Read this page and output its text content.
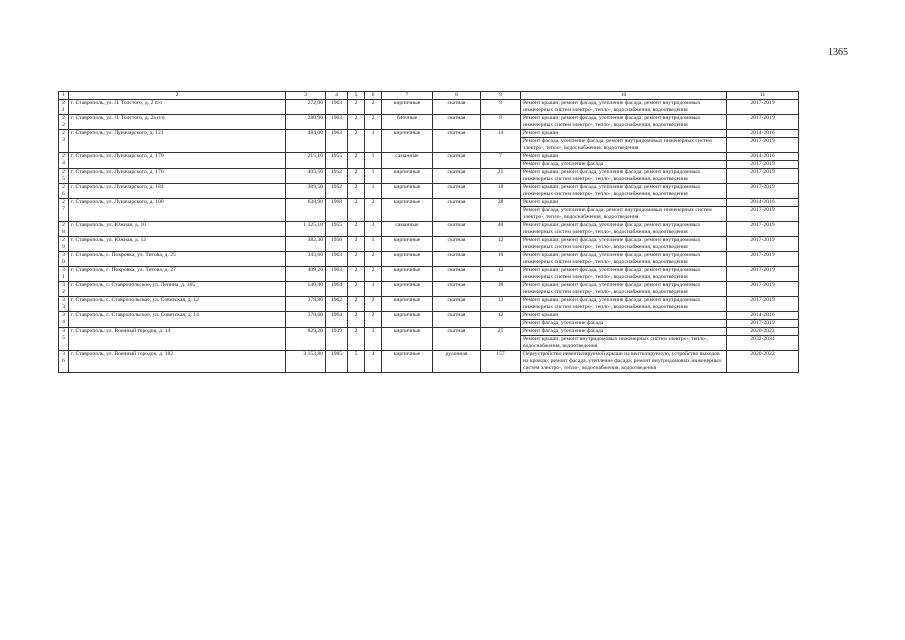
1365
1	2	3	4	5	6	7	8	9	10	11
21	г. Ставрополь, ул. Л. Толстого, д. 2 п/о	272,00	1963	2	2	кирпичные	скатная	9	Ремонт крыши; ремонт фасада, утепление фасада; ремонт внутридомовых инженерных систем электро-, тепло-, водоснабжения, водоотведения	2017-2019
22	г. Ставрополь, ул. Л. Толстого, д. 2а п/о	280,90	1963	2	2	блочные	скатная	8	Ремонт крыши; ремонт фасада, утепление фасада; ремонт внутридомовых инженерных систем электро-, тепло-, водоснабжения, водоотведения	2017-2019
23	г. Ставрополь, ул. Луначарского, д. 121	484,00	1963	2	3	кирпичные	скатная	14	Ремонт крыши	2014-2016
									Ремонт фасада, утепление фасада; ремонт внутридомовых инженерных систем электро-, тепло-, водоснабжения, водоотведения	2017-2019
24	г. Ставрополь, ул. Луначарского, д. 170	215,10	1955	2	1	саманные	скатная	7	Ремонт крыши	2014-2016
									Ремонт фасада, утепление фасада	2017-2019
25	г. Ставрополь, ул. Луначарского, д. 176	405,50	1952	2	1	кирпичные	скатная	21	Ремонт крыши; ремонт фасада, утепление фасада; ремонт внутридомовых инженерных систем электро-, тепло-, водоснабжения, водоотведения	2017-2019
26	г. Ставрополь, ул. Луначарского, д. 184	389,50	1952	2	1	кирпичные	скатная	18	Ремонт крыши; ремонт фасада, утепление фасада; ремонт внутридомовых инженерных систем электро-, тепло-, водоснабжения, водоотведения	2017-2019
27	г. Ставрополь, ул. Луначарского, д. 100	638,90	1968	2	2	кирпичные	скатная	28	Ремонт крыши	2014-2016
									Ремонт фасада, утепление фасада; ремонт внутридомовых инженерных систем электро-, тепло-, водоснабжения, водоотведения	2017-2019
28	г. Ставрополь, ул. Южная, д. 10	1 325,10	1955	2	3	саманные	скатная	40	Ремонт крыши; ремонт фасада, утепление фасада; ремонт внутридомовых инженерных систем электро-, тепло-, водоснабжения, водоотведения	2017-2019
29	г. Ставрополь, ул. Южная, д. 12	382,30	1956	2	1	кирпичные	скатная	12	Ремонт крыши; ремонт фасада, утепление фасада; ремонт внутридомовых инженерных систем электро-, тепло-, водоснабжения, водоотведения	2017-2019
30	г. Ставрополь, с. Покровка, ул. Титова, д. 25	343,60	1963	2	2	кирпичные	скатная	10	Ремонт крыши; ремонт фасада, утепление фасада; ремонт внутридомовых инженерных систем электро-, тепло-, водоснабжения, водоотведения	2017-2019
31	г. Ставрополь, с. Покровка, ул. Титова, д. 27	409,20	1963	2	2	кирпичные	скатная	12	Ремонт крыши; ремонт фасада, утепление фасада; ремонт внутридомовых инженерных систем электро-, тепло-, водоснабжения, водоотведения	2017-2019
32	г. Ставрополь, с. Ставропольское, ул. Ленина, д. 305	540,40	1964	2	3	кирпичные	скатная	18	Ремонт крыши; ремонт фасада, утепление фасада; ремонт внутридомовых инженерных систем электро-, тепло-, водоснабжения, водоотведения	2017-2019
33	г. Ставрополь, с. Ставропольское, ул. Советская, д. 12	378,80	1962	2	2	кирпичные	скатная	13	Ремонт крыши; ремонт фасада, утепление фасада; ремонт внутридомовых инженерных систем электро-, тепло-, водоснабжения, водоотведения	2017-2019
34	г. Ставрополь, с. Ставропольское, ул. Советская, д. 14	370,60	1964	2	2	кирпичные	скатная	12	Ремонт крыши	2014-2016
									Ремонт фасада, утепление фасада	2017-2019
35	г. Ставрополь, ул. Военный городок, д. 14	829,20	1939	2	3	кирпичные	скатная	25	Ремонт фасада, утепление фасада	2020-2022
									Ремонт крыши; ремонт внутридомовых инженерных систем электро-, тепло-, водоснабжения, водоотведения	2032-2034
36	г. Ставрополь, ул. Военный городок, д. 182	3 153,80	1985	5	4	кирпичные	рулонная	157	Переустройство невентилируемой крыши на вентилируемую, устройство выходов на кровлю; ремонт фасада, утепление фасада; ремонт внутридомовых инженерных систем электро-, тепло-, водоснабжения, водоотведения	2020-2022
